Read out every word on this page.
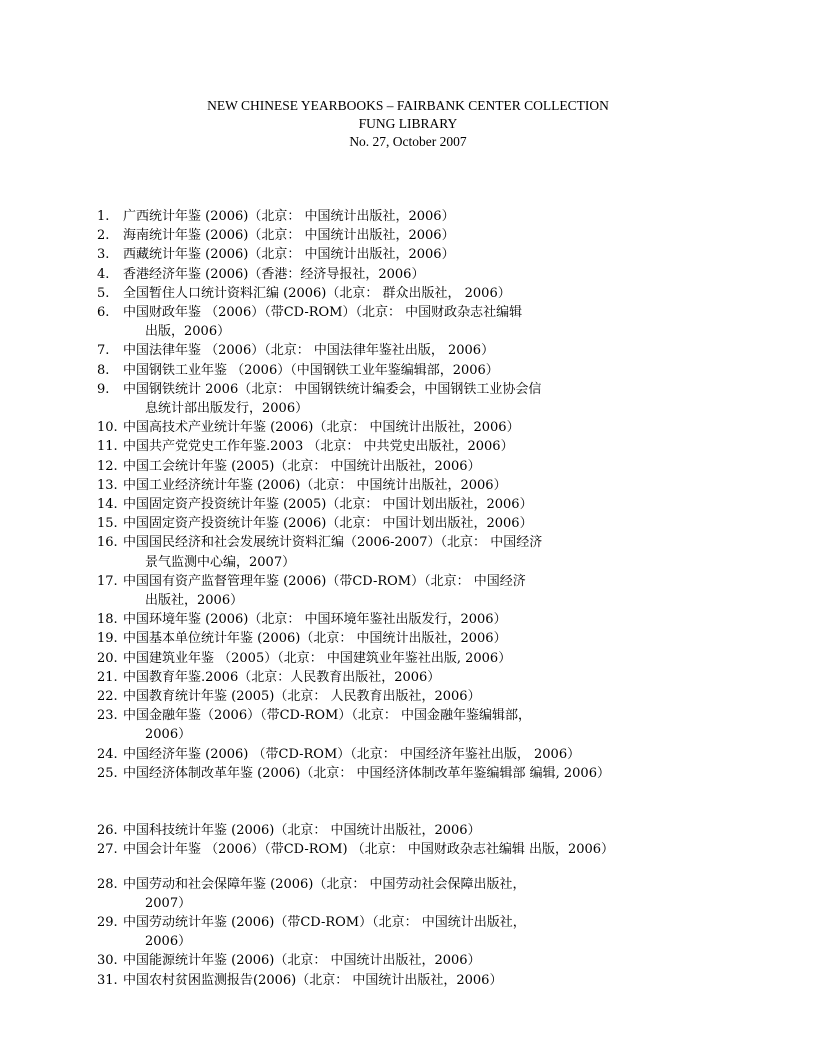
NEW CHINESE YEARBOOKS – FAIRBANK CENTER COLLECTION
FUNG LIBRARY
No. 27, October 2007
1.	广西统计年鉴 (2006)（北京： 中国统计出版社，2006）
2.	海南统计年鉴 (2006)（北京： 中国统计出版社，2006）
3.	西藏统计年鉴 (2006)（北京： 中国统计出版社，2006）
4.	香港经济年鉴 (2006)（香港：经济导报社，2006）
5.	全国暂住人口统计资料汇编 (2006)（北京： 群众出版社， 2006）
6.	中国财政年鉴 （2006）（带CD-ROM）（北京： 中国财政杂志社编辑
出版，2006）
7.	中国法律年鉴 （2006）（北京： 中国法律年鉴社出版， 2006）
8.	中国钢铁工业年鉴 （2006）（中国钢铁工业年鉴编辑部，2006）
9.	中国钢铁统计 2006（北京： 中国钢铁统计编委会，中国钢铁工业协会信
息统计部出版发行，2006）
10. 中国高技术产业统计年鉴 (2006)（北京： 中国统计出版社，2006）
11. 中国共产党党史工作年鉴.2003 （北京： 中共党史出版社，2006）
12. 中国工会统计年鉴 (2005)（北京： 中国统计出版社，2006）
13. 中国工业经济统计年鉴 (2006)（北京： 中国统计出版社，2006）
14. 中国固定资产投资统计年鉴 (2005)（北京： 中国计划出版社，2006）
15. 中国固定资产投资统计年鉴 (2006)（北京： 中国计划出版社，2006）
16. 中国国民经济和社会发展统计资料汇编（2006-2007）（北京： 中国经济
景气监测中心编，2007）
17. 中国国有资产监督管理年鉴 (2006)（带CD-ROM）（北京： 中国经济
出版社，2006）
18. 中国环境年鉴 (2006)（北京： 中国环境年鉴社出版发行，2006）
19. 中国基本单位统计年鉴 (2006)（北京： 中国统计出版社，2006）
20. 中国建筑业年鉴 （2005）（北京： 中国建筑业年鉴社出版, 2006）
21. 中国教育年鉴.2006（北京：人民教育出版社，2006）
22. 中国教育统计年鉴 (2005)（北京： 人民教育出版社，2006）
23. 中国金融年鉴（2006）（带CD-ROM）（北京： 中国金融年鉴编辑部，
2006）
24. 中国经济年鉴 (2006) （带CD-ROM）（北京： 中国经济年鉴社出版， 2006）
25. 中国经济体制改革年鉴 (2006)（北京： 中国经济体制改革年鉴编辑部 编辑, 2006）
26. 中国科技统计年鉴 (2006)（北京： 中国统计出版社，2006）
27. 中国会计年鉴 （2006）（带CD-ROM) （北京： 中国财政杂志社编辑 出版，2006）
28. 中国劳动和社会保障年鉴 (2006)（北京： 中国劳动社会保障出版社，
2007）
29. 中国劳动统计年鉴 (2006)（带CD-ROM）（北京： 中国统计出版社，
2006）
30. 中国能源统计年鉴 (2006)（北京： 中国统计出版社，2006）
31. 中国农村贫困监测报告(2006)（北京： 中国统计出版社，2006）
